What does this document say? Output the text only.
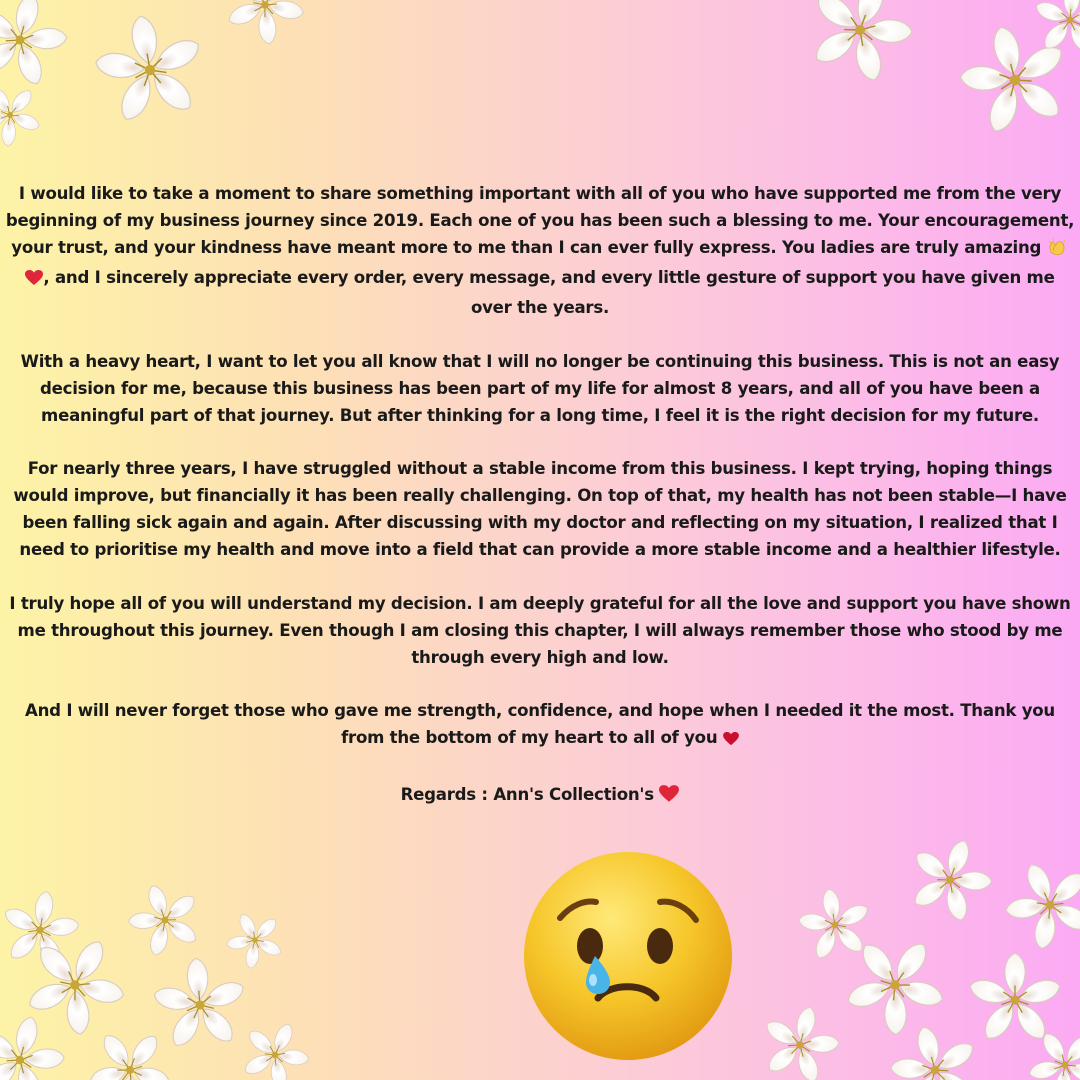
I would like to take a moment to share something important with all of you who have supported me from the very beginning of my business journey since 2019. Each one of you has been such a blessing to me. Your encouragement, your trust, and your kindness have meant more to me than I can ever fully express. You ladies are truly amazing , and I sincerely appreciate every order, every message, and every little gesture of support you have given me over the years.

With a heavy heart, I want to let you all know that I will no longer be continuing this business. This is not an easy decision for me, because this business has been part of my life for almost 8 years, and all of you have been a meaningful part of that journey. But after thinking for a long time, I feel it is the right decision for my future.

For nearly three years, I have struggled without a stable income from this business. I kept trying, hoping things would improve, but financially it has been really challenging. On top of that, my health has not been stable—I have been falling sick again and again. After discussing with my doctor and reflecting on my situation, I realized that I need to prioritise my health and move into a field that can provide a more stable income and a healthier lifestyle.

I truly hope all of you will understand my decision. I am deeply grateful for all the love and support you have shown me throughout this journey. Even though I am closing this chapter, I will always remember those who stood by me through every high and low.

And I will never forget those who gave me strength, confidence, and hope when I needed it the most. Thank you from the bottom of my heart to all of you

Regards : Ann's Collection's
